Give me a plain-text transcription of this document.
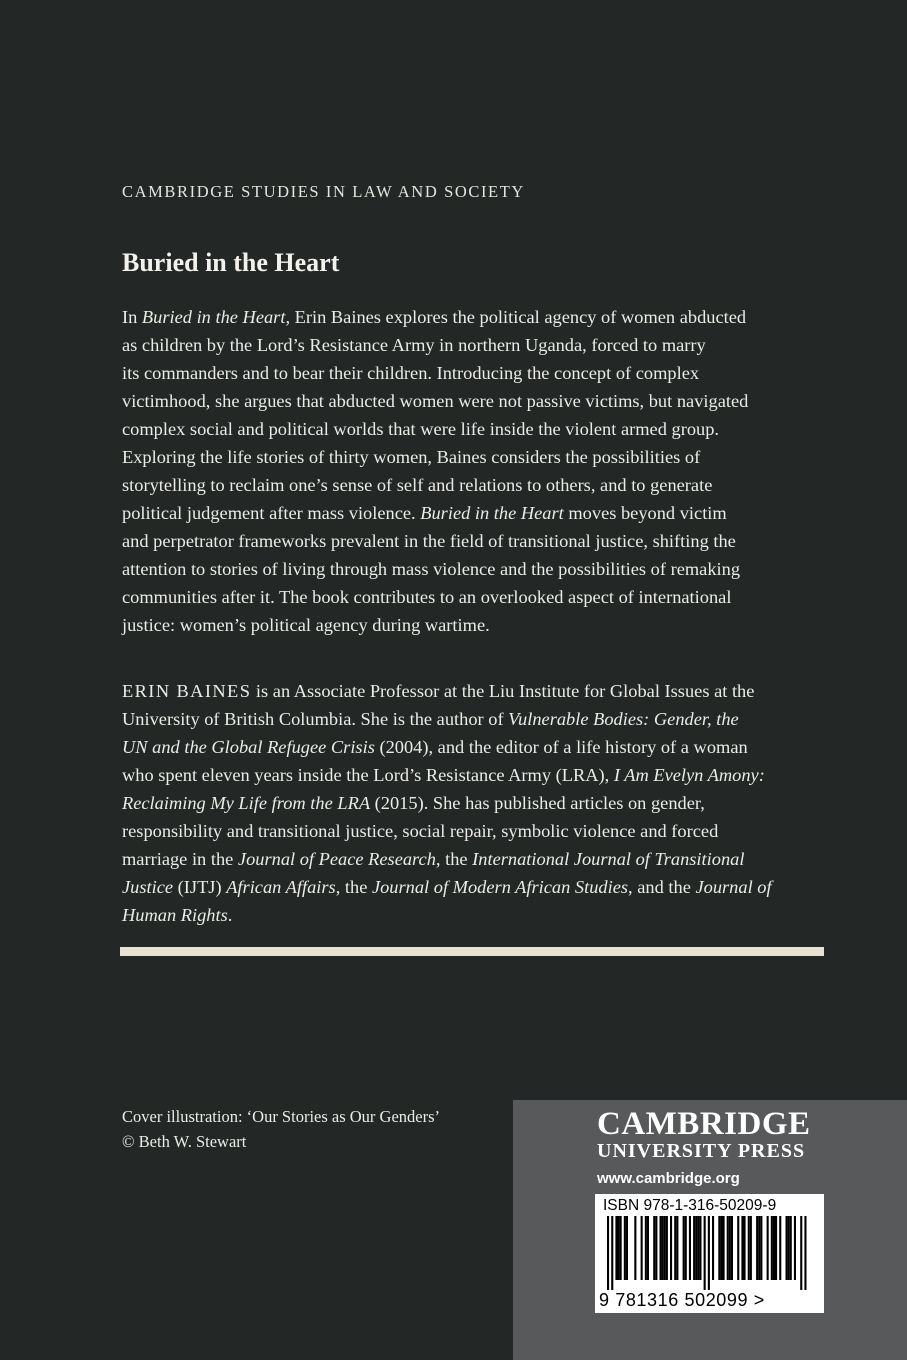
CAMBRIDGE STUDIES IN LAW AND SOCIETY
Buried in the Heart

In Buried in the Heart, Erin Baines explores the political agency of women abducted
as children by the Lord’s Resistance Army in northern Uganda, forced to marry
its commanders and to bear their children. Introducing the concept of complex
victimhood, she argues that abducted women were not passive victims, but navigated
complex social and political worlds that were life inside the violent armed group.
Exploring the life stories of thirty women, Baines considers the possibilities of
storytelling to reclaim one’s sense of self and relations to others, and to generate
political judgement after mass violence. Buried in the Heart moves beyond victim
and perpetrator frameworks prevalent in the field of transitional justice, shifting the
attention to stories of living through mass violence and the possibilities of remaking
communities after it. The book contributes to an overlooked aspect of international
justice: women’s political agency during wartime.

ERIN BAINES is an Associate Professor at the Liu Institute for Global Issues at the
University of British Columbia. She is the author of Vulnerable Bodies: Gender, the
UN and the Global Refugee Crisis (2004), and the editor of a life history of a woman
who spent eleven years inside the Lord’s Resistance Army (LRA), I Am Evelyn Amony:
Reclaiming My Life from the LRA (2015). She has published articles on gender,
responsibility and transitional justice, social repair, symbolic violence and forced
marriage in the Journal of Peace Research, the International Journal of Transitional
Justice (IJTJ) African Affairs, the Journal of Modern African Studies, and the Journal of
Human Rights.

Cover illustration: ‘Our Stories as Our Genders’
© Beth W. Stewart	CAMBRIDGE
UNIVERSITY PRESS
www.cambridge.org
ISBN 978-1-316-50209-9
9 781316 502099 >
